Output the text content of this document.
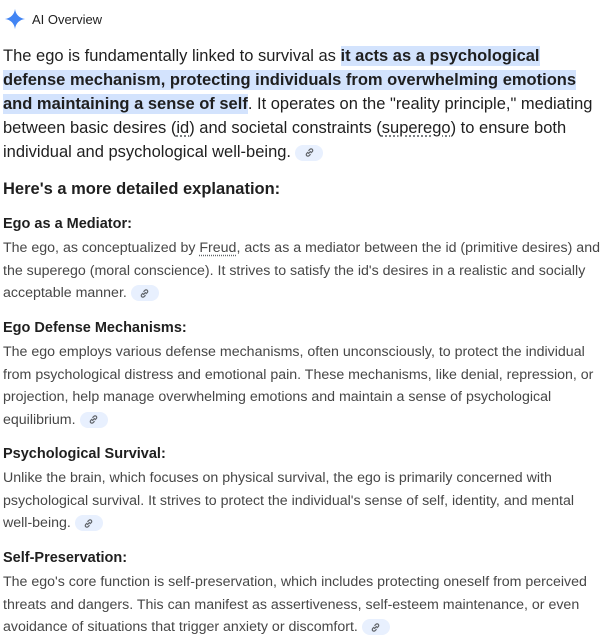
AI Overview

The ego is fundamentally linked to survival as it acts as a psychological defense mechanism, protecting individuals from overwhelming emotions and maintaining a sense of self. It operates on the "reality principle," mediating between basic desires (id) and societal constraints (superego) to ensure both individual and psychological well-being.

Here's a more detailed explanation:
Ego as a Mediator:

The ego, as conceptualized by Freud, acts as a mediator between the id (primitive desires) and the superego (moral conscience). It strives to satisfy the id's desires in a realistic and socially acceptable manner.

Ego Defense Mechanisms:

The ego employs various defense mechanisms, often unconsciously, to protect the individual from psychological distress and emotional pain. These mechanisms, like denial, repression, or projection, help manage overwhelming emotions and maintain a sense of psychological equilibrium.

Psychological Survival:

Unlike the brain, which focuses on physical survival, the ego is primarily concerned with psychological survival. It strives to protect the individual's sense of self, identity, and mental well-being.

Self-Preservation:

The ego's core function is self-preservation, which includes protecting oneself from perceived threats and dangers. This can manifest as assertiveness, self-esteem maintenance, or even avoidance of situations that trigger anxiety or discomfort.
